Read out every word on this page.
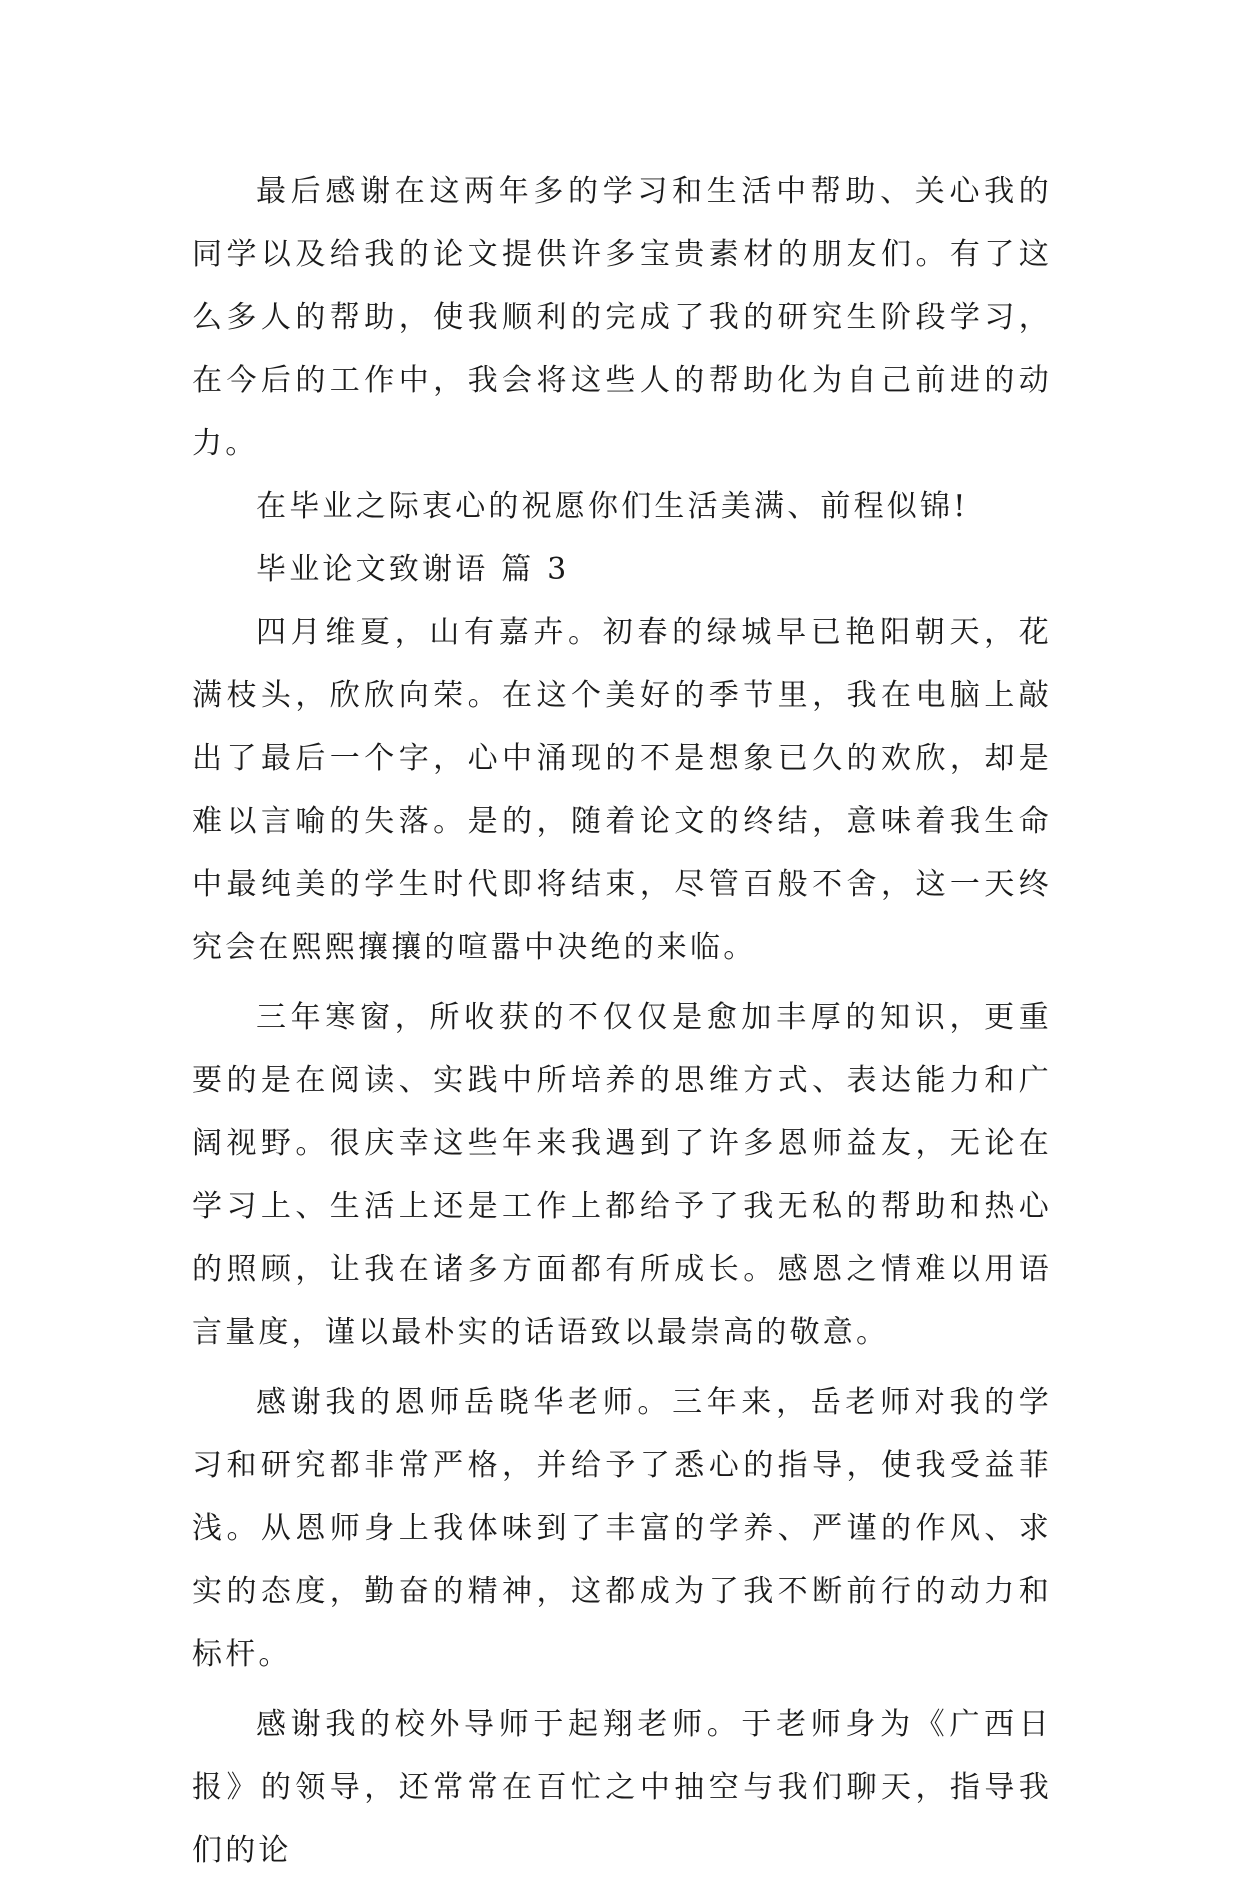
最后感谢在这两年多的学习和生活中帮助、关心我的同学以及给我的论文提供许多宝贵素材的朋友们。有了这么多人的帮助，使我顺利的完成了我的研究生阶段学习，在今后的工作中，我会将这些人的帮助化为自己前进的动力。

在毕业之际衷心的祝愿你们生活美满、前程似锦!

毕业论文致谢语 篇 3

四月维夏，山有嘉卉。初春的绿城早已艳阳朝天，花满枝头，欣欣向荣。在这个美好的季节里，我在电脑上敲出了最后一个字，心中涌现的不是想象已久的欢欣，却是难以言喻的失落。是的，随着论文的终结，意味着我生命中最纯美的学生时代即将结束，尽管百般不舍，这一天终究会在熙熙攘攘的喧嚣中决绝的来临。

三年寒窗，所收获的不仅仅是愈加丰厚的知识，更重要的是在阅读、实践中所培养的思维方式、表达能力和广阔视野。很庆幸这些年来我遇到了许多恩师益友，无论在学习上、生活上还是工作上都给予了我无私的帮助和热心的照顾，让我在诸多方面都有所成长。感恩之情难以用语言量度，谨以最朴实的话语致以最崇高的敬意。

感谢我的恩师岳晓华老师。三年来，岳老师对我的学习和研究都非常严格，并给予了悉心的指导，使我受益菲浅。从恩师身上我体味到了丰富的学养、严谨的作风、求实的态度，勤奋的精神，这都成为了我不断前行的动力和标杆。

感谢我的校外导师于起翔老师。于老师身为《广西日报》的领导，还常常在百忙之中抽空与我们聊天，指导我们的论
